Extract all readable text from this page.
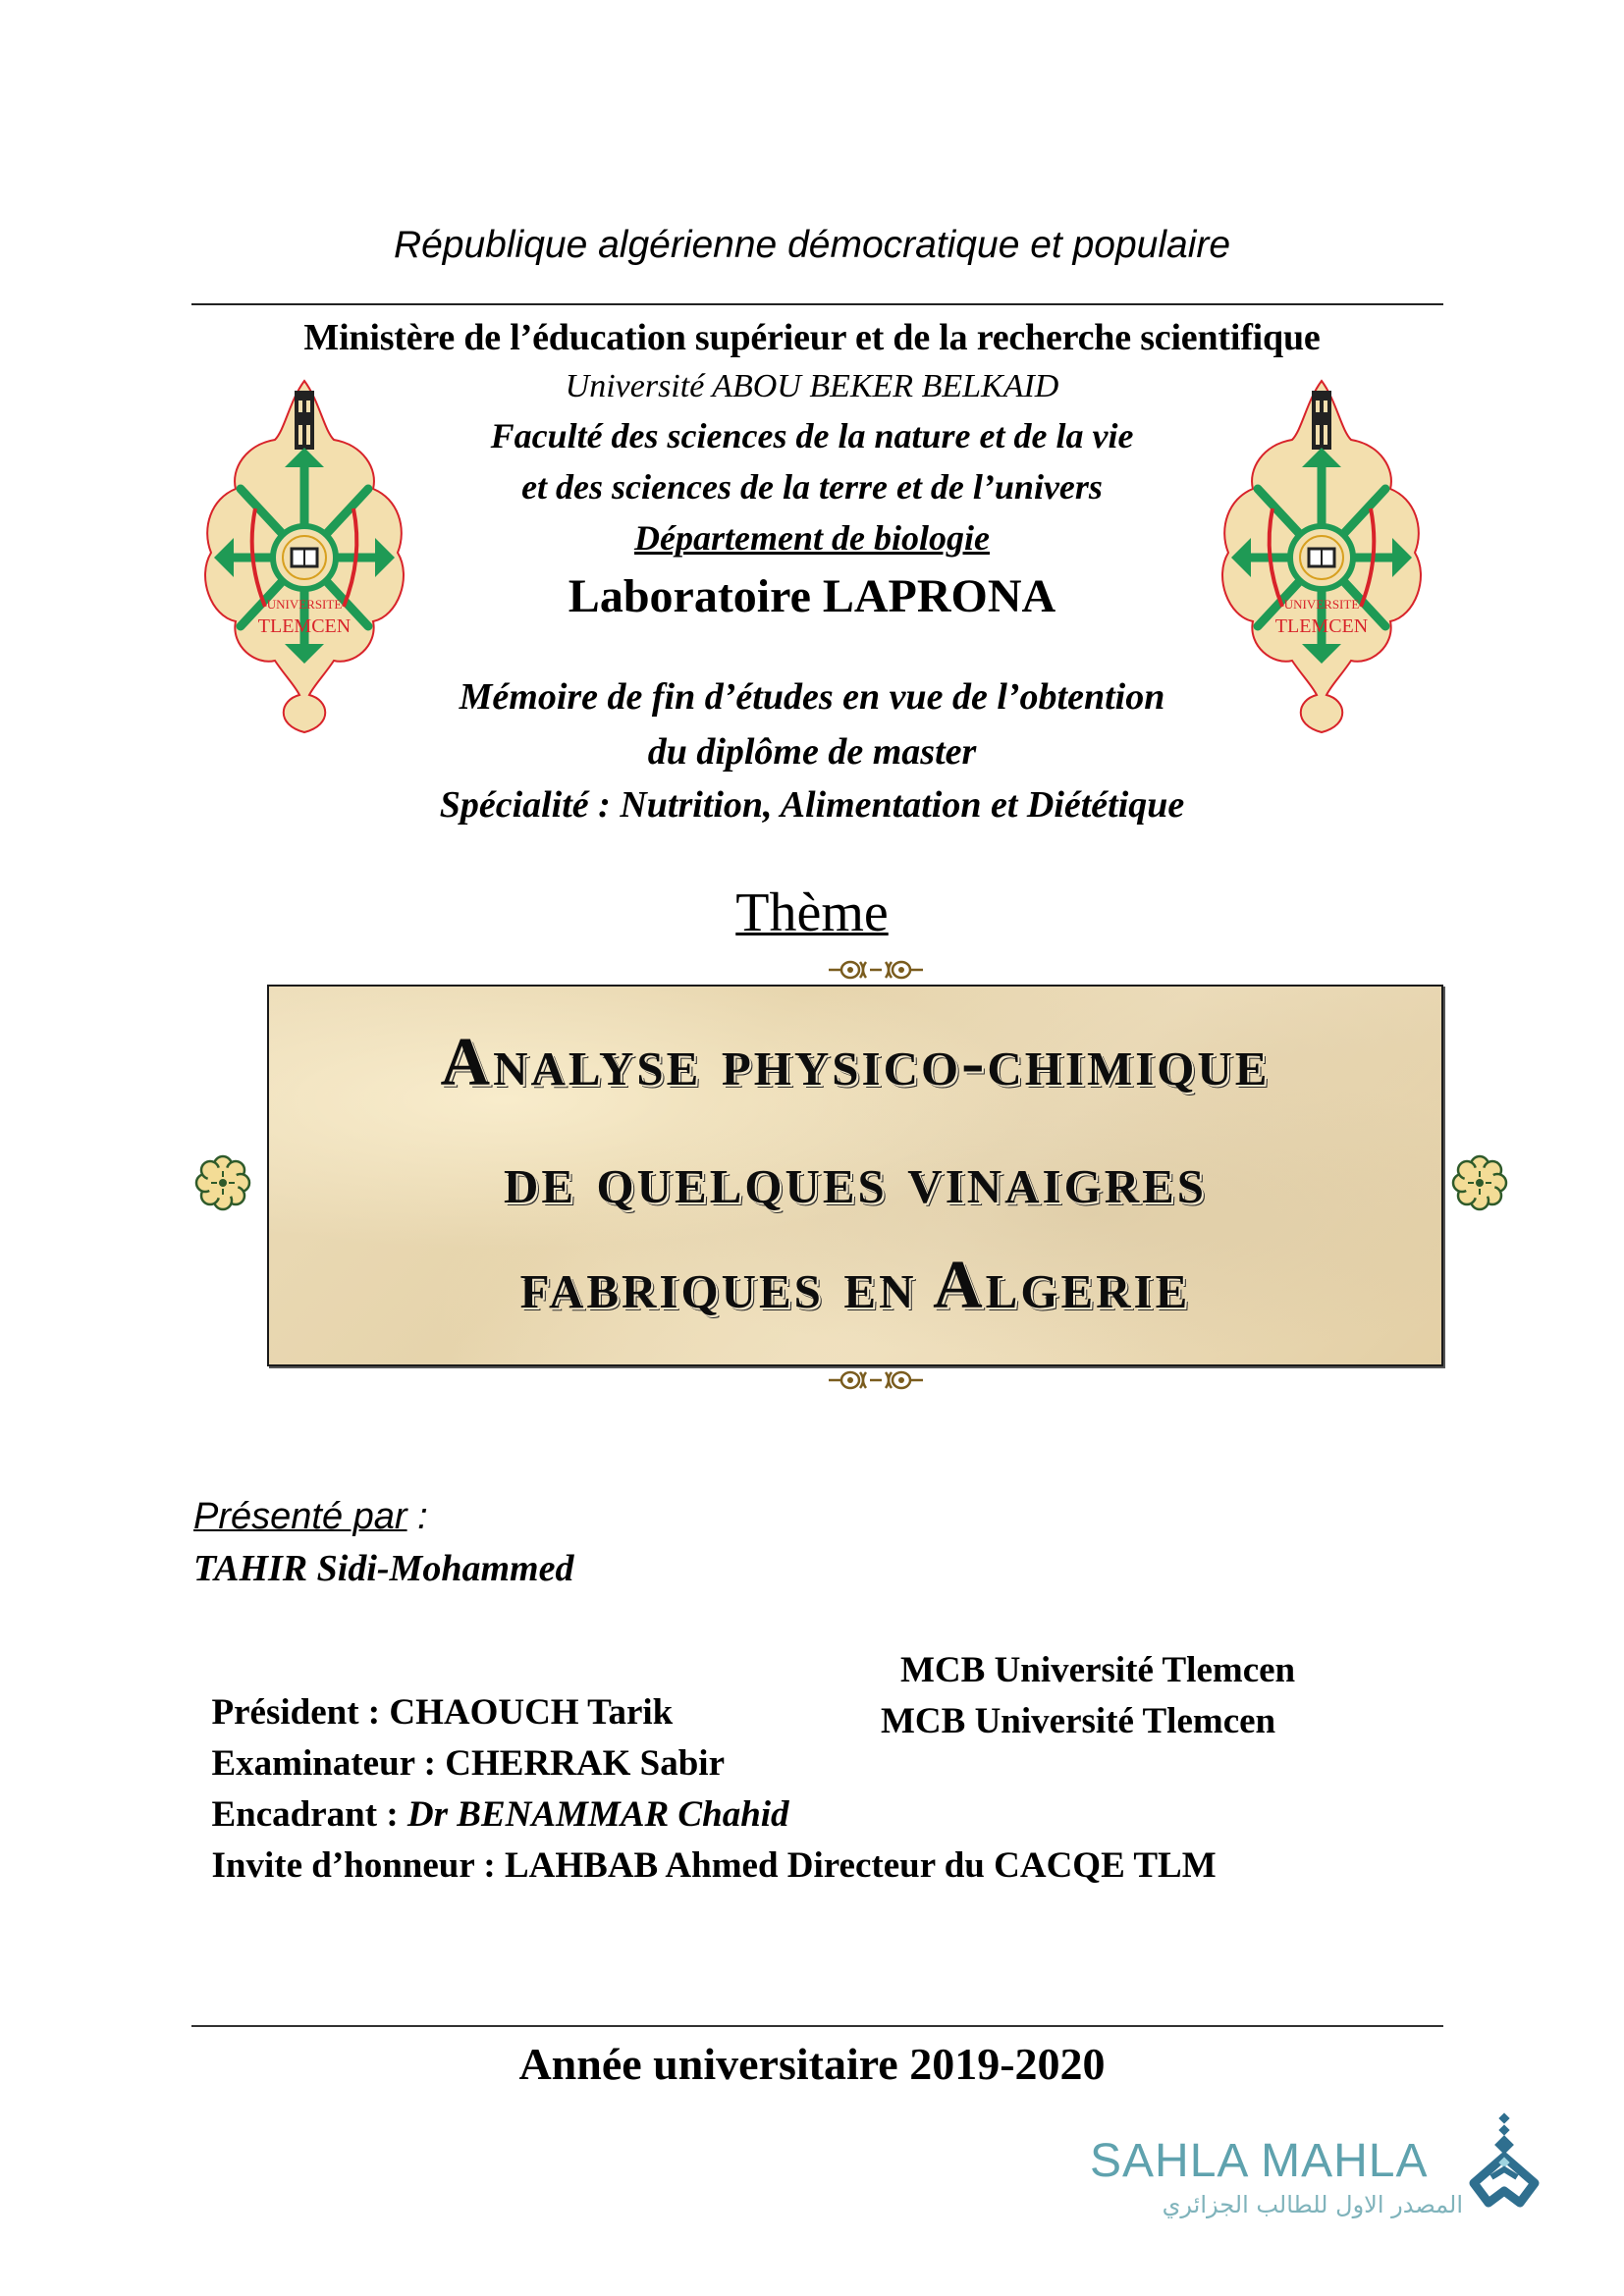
République algérienne démocratique et populaire
Ministère de l’éducation supérieur et de la recherche scientifique
Université ABOU BEKER BELKAID
Faculté des sciences de la nature et de la vie
et des sciences de la terre et de l’univers
Département de biologie
Laboratoire LAPRONA
UNIVERSITE
TLEMCEN
UNIVERSITE
TLEMCEN
Mémoire de fin d’études en vue de l’obtention
du diplôme de master
Spécialité : Nutrition, Alimentation et Diététique
Thème
Analyse physico-chimique
de quelques vinaigres
fabriques en Algerie
Présenté par :
TAHIR Sidi-Mohammed

Président : CHAOUCH Tarik

MCB Université Tlemcen

Examinateur : CHERRAK Sabir

MCB Université Tlemcen

Encadrant : Dr BENAMMAR Chahid

Invite d’honneur : LAHBAB Ahmed Directeur du CACQE TLM

Année universitaire 2019-2020
SAHLA MAHLA
المصدر الاول للطالب الجزائري
